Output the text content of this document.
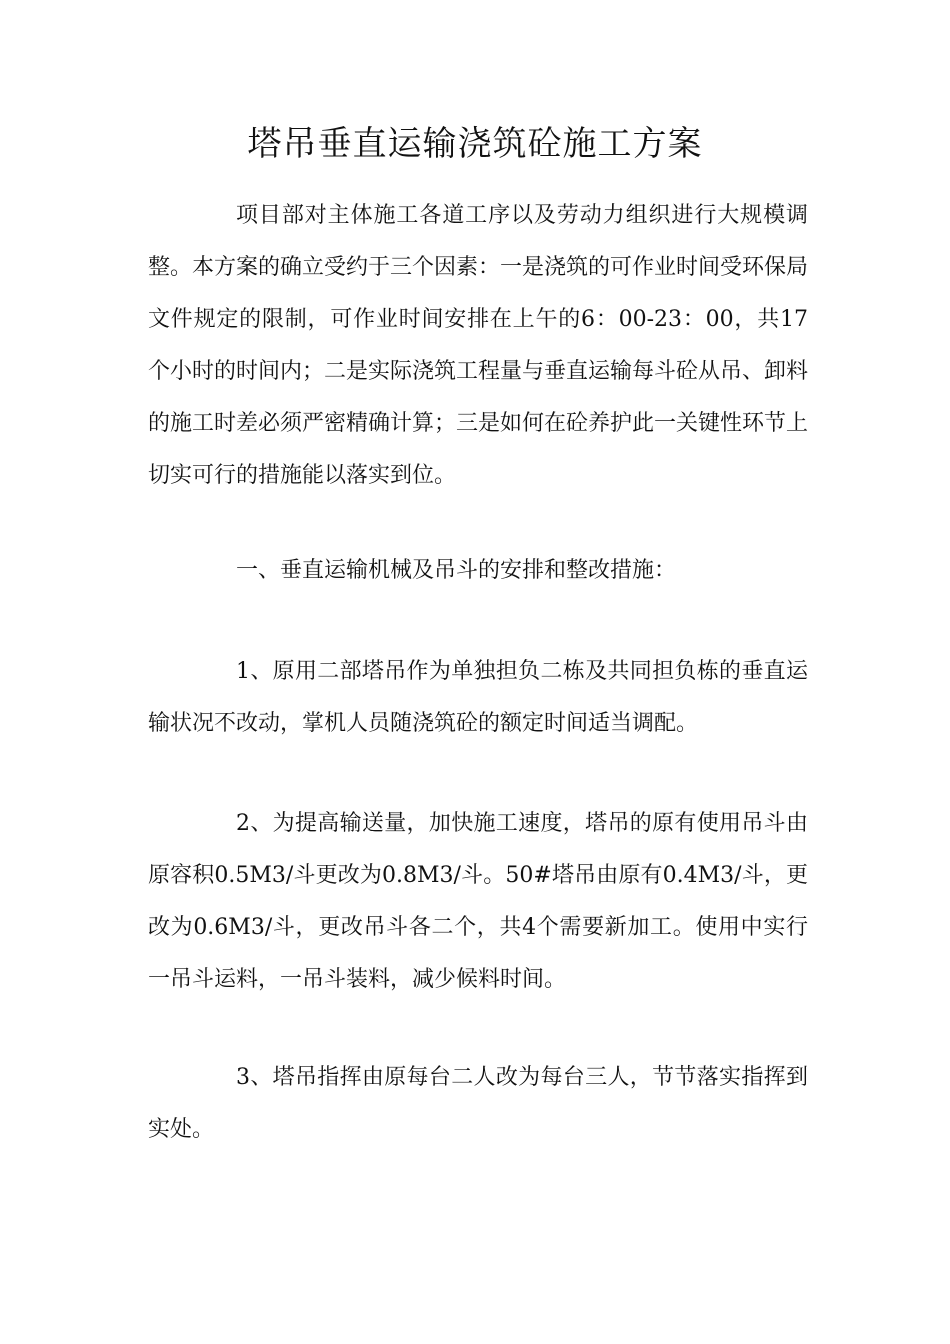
塔吊垂直运输浇筑砼施工方案

项目部对主体施工各道工序以及劳动力组织进行大规模调整。本方案的确立受约于三个因素：一是浇筑的可作业时间受环保局文件规定的限制，可作业时间安排在上午的6：00-23：00，共17个小时的时间内；二是实际浇筑工程量与垂直运输每斗砼从吊、卸料的施工时差必须严密精确计算；三是如何在砼养护此一关键性环节上切实可行的措施能以落实到位。

一、垂直运输机械及吊斗的安排和整改措施：

1、原用二部塔吊作为单独担负二栋及共同担负栋的垂直运输状况不改动，掌机人员随浇筑砼的额定时间适当调配。

2、为提高输送量，加快施工速度，塔吊的原有使用吊斗由原容积0.5M3/斗更改为0.8M3/斗。50#塔吊由原有0.4M3/斗，更改为0.6M3/斗，更改吊斗各二个，共4个需要新加工。使用中实行一吊斗运料，一吊斗装料，减少候料时间。

3、塔吊指挥由原每台二人改为每台三人，节节落实指挥到实处。
